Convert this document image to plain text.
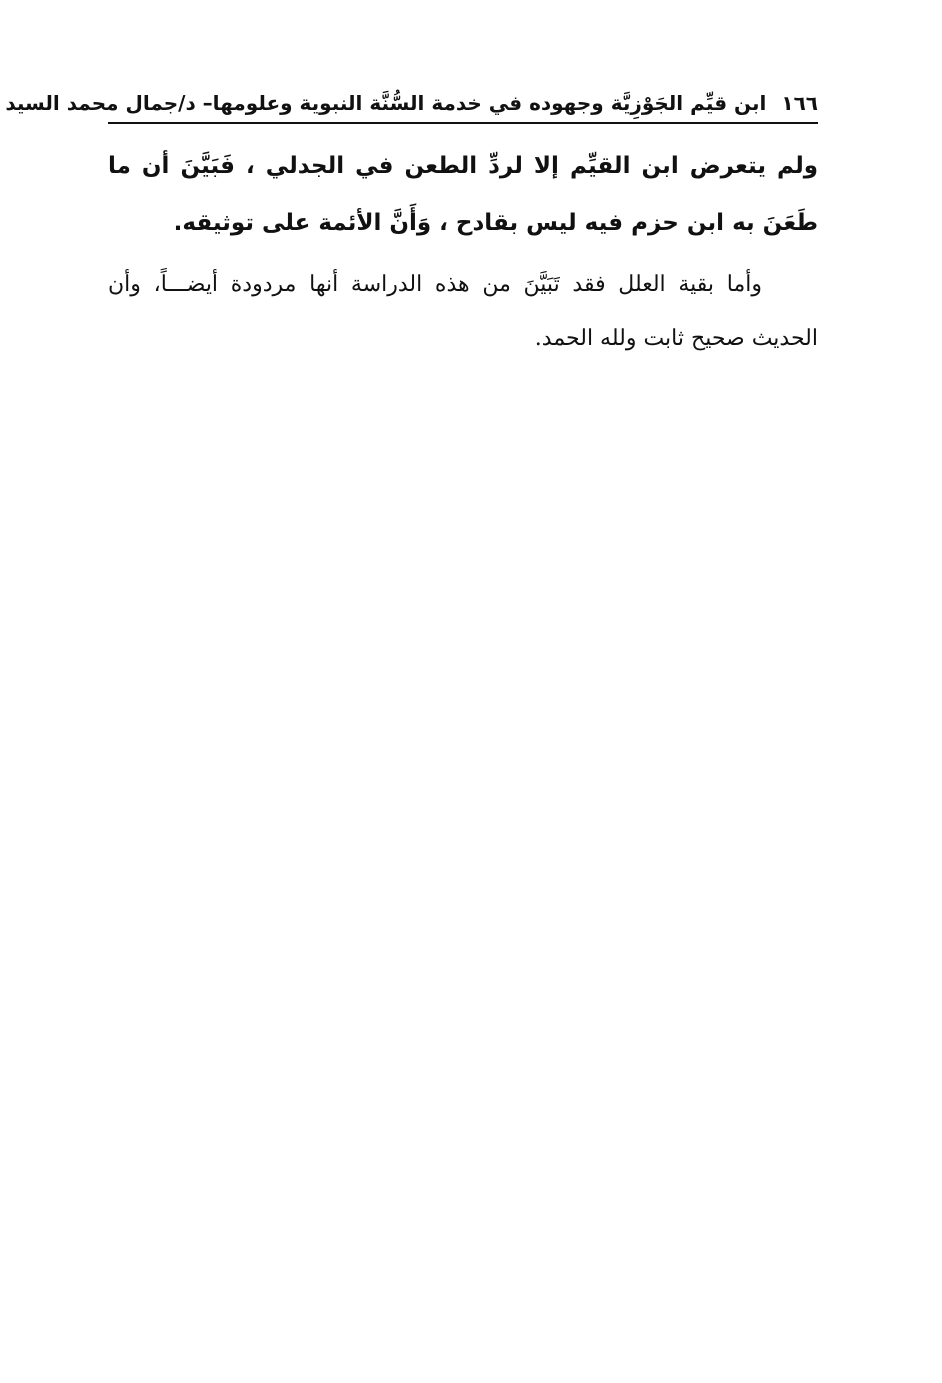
١٦٦ ابن قيِّم الجَوْزِيَّة وجهوده في خدمة السُّنَّة النبوية وعلومها– د/جمال محمد السيد

ولم يتعرض ابن القيِّم إلا لردِّ الطعن في الجدلي ، فَبَيَّنَ أن ما طَعَنَ به ابن حزم فيه ليس بقادح ، وَأَنَّ الأئمة على توثيقه.

وأما بقية العلل فقد تَبَيَّنَ من هذه الدراسة أنها مردودة أيضـــاً، وأن الحديث صحيح ثابت ولله الحمد.
